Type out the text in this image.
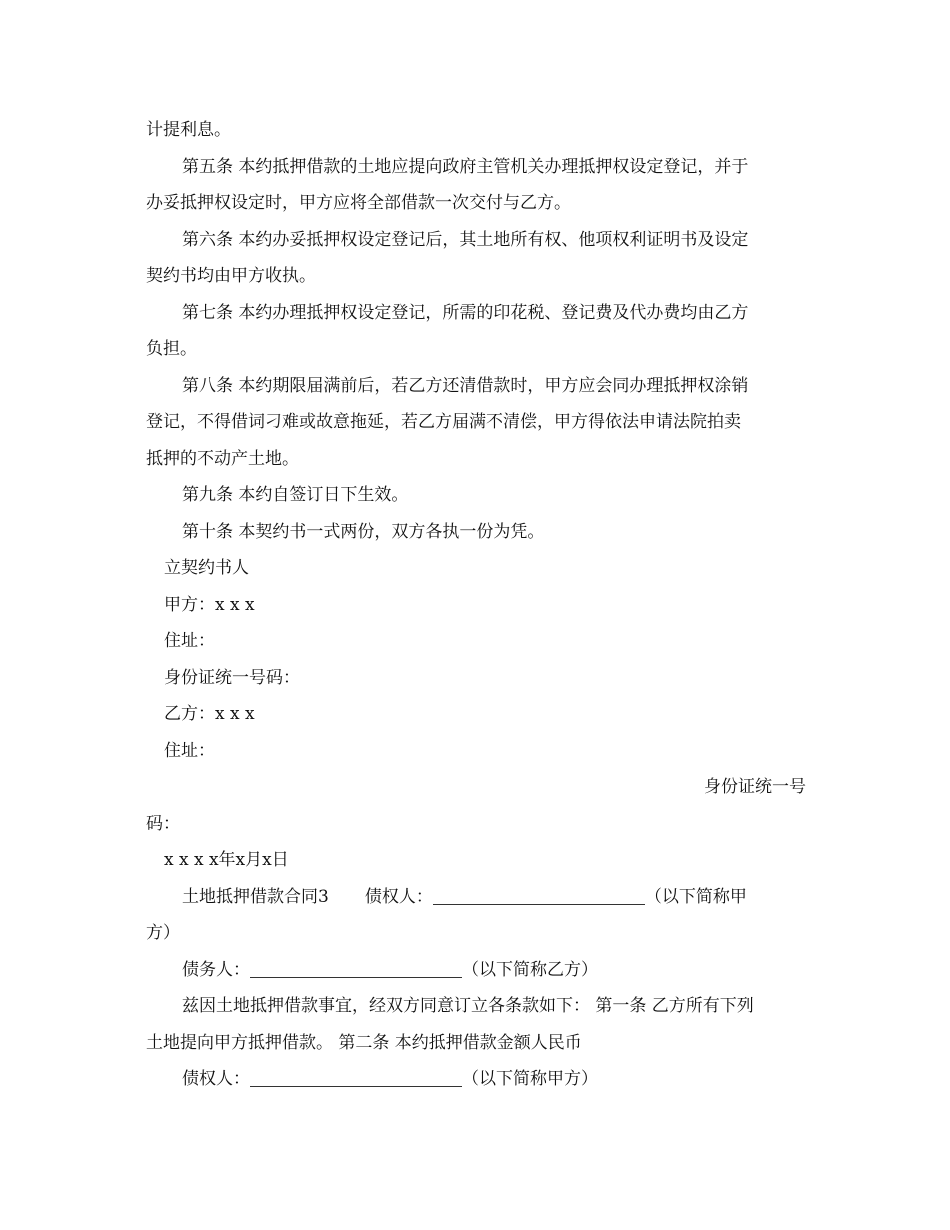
计提利息。
第五条 本约抵押借款的土地应提向政府主管机关办理抵押权设定登记，并于
办妥抵押权设定时，甲方应将全部借款一次交付与乙方。
第六条 本约办妥抵押权设定登记后，其土地所有权、他项权利证明书及设定
契约书均由甲方收执。
第七条 本约办理抵押权设定登记，所需的印花税、登记费及代办费均由乙方
负担。
第八条 本约期限届满前后，若乙方还清借款时，甲方应会同办理抵押权涂销
登记，不得借词刁难或故意拖延，若乙方届满不清偿，甲方得依法申请法院拍卖
抵押的不动产土地。
第九条 本约自签订日下生效。
第十条 本契约书一式两份，双方各执一份为凭。
立契约书人
甲方：x x x
住址：
身份证统一号码：
乙方：x x x
住址：
身份证统一号
码：
x x x x年x月x日
土地抵押借款合同3 债权人：	（以下简称甲
方）
债务人：	（以下简称乙方）
兹因土地抵押借款事宜，经双方同意订立各条款如下： 第一条 乙方所有下列
土地提向甲方抵押借款。 第二条 本约抵押借款金额人民币
债权人：	（以下简称甲方）
